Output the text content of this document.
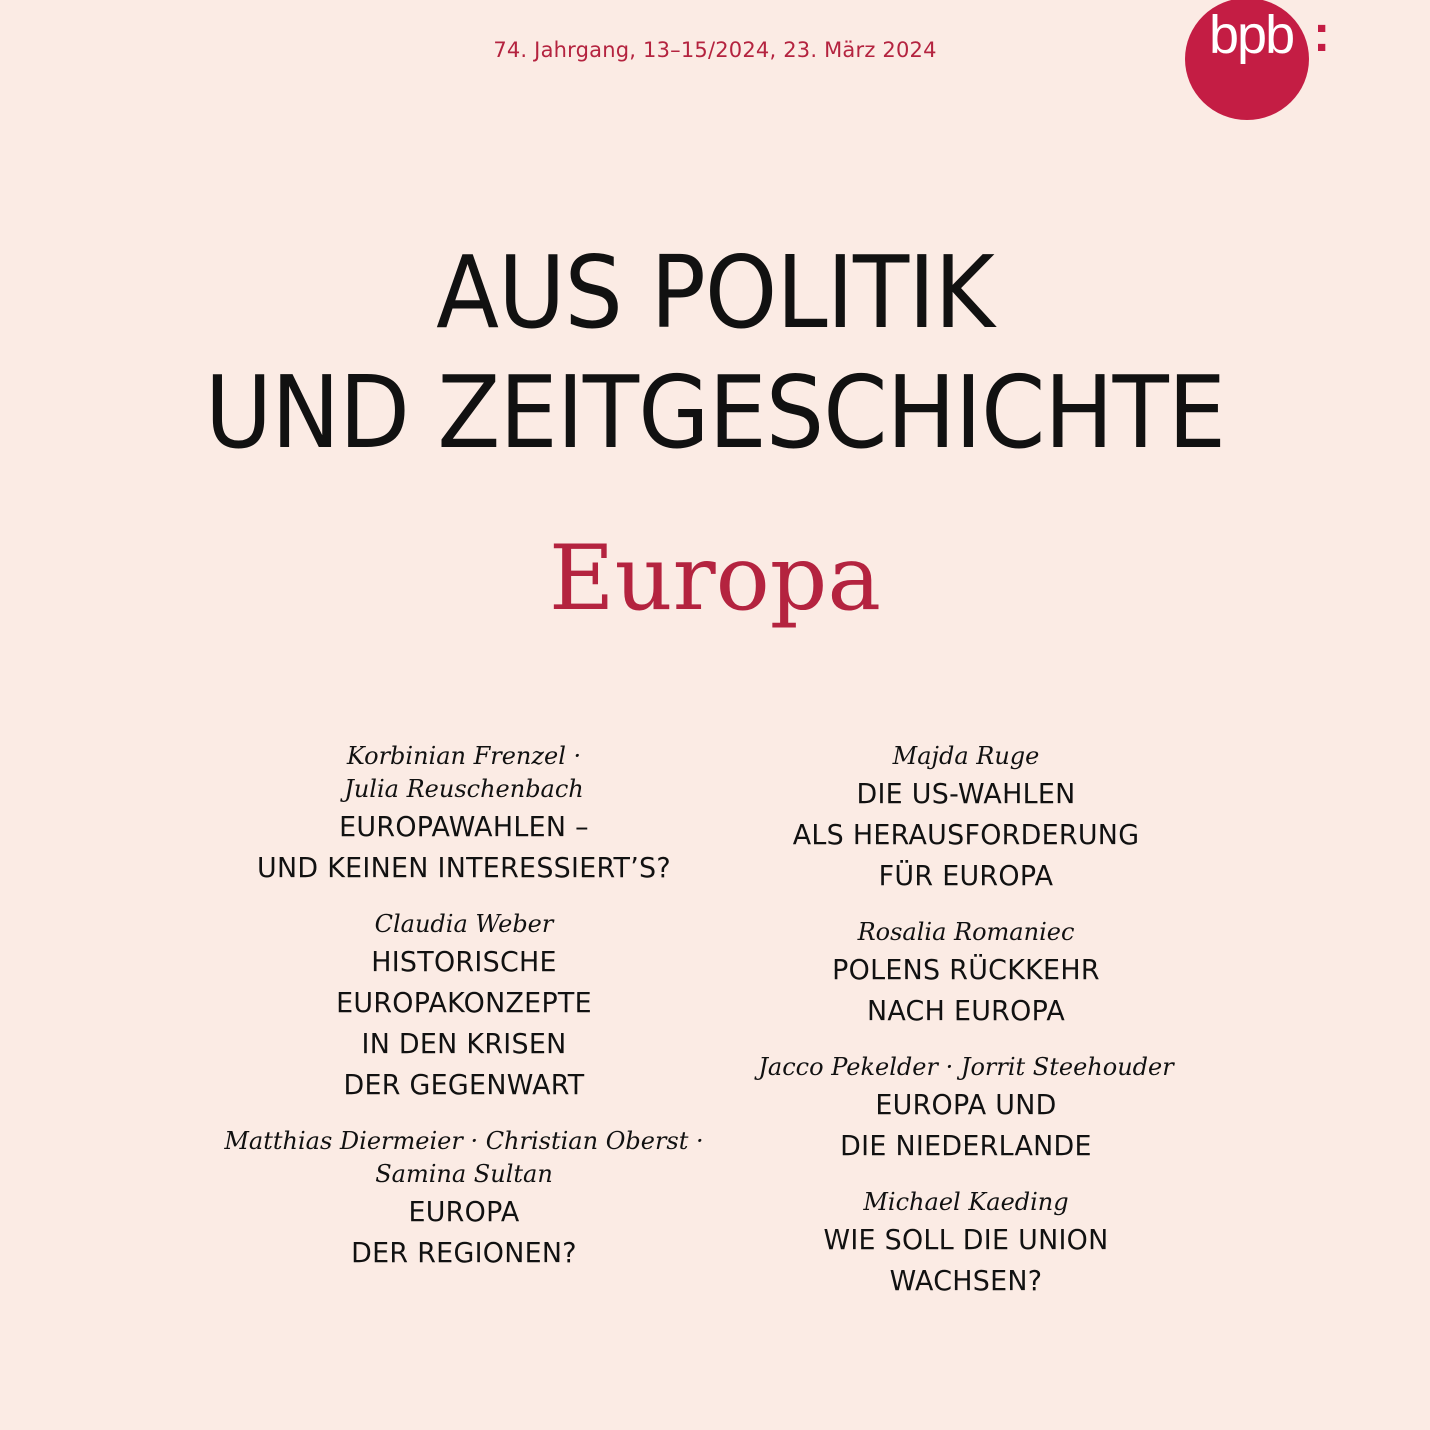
74. Jahrgang, 13–15/2024, 23. März 2024	bpb :
AUS POLITIK
UND ZEITGESCHICHTE
Europa
Korbinian Frenzel ·
Julia Reuschenbach
EUROPAWAHLEN –
UND KEINEN INTERESSIERT’S?
Claudia Weber
HISTORISCHE
EUROPAKONZEPTE
IN DEN KRISEN
DER GEGENWART
Matthias Diermeier · Christian Oberst ·
Samina Sultan
EUROPA
DER REGIONEN?
Majda Ruge
DIE US-WAHLEN
ALS HERAUSFORDERUNG
FÜR EUROPA
Rosalia Romaniec
POLENS RÜCKKEHR
NACH EUROPA
Jacco Pekelder · Jorrit Steehouder
EUROPA UND
DIE NIEDERLANDE
Michael Kaeding
WIE SOLL DIE UNION
WACHSEN?
